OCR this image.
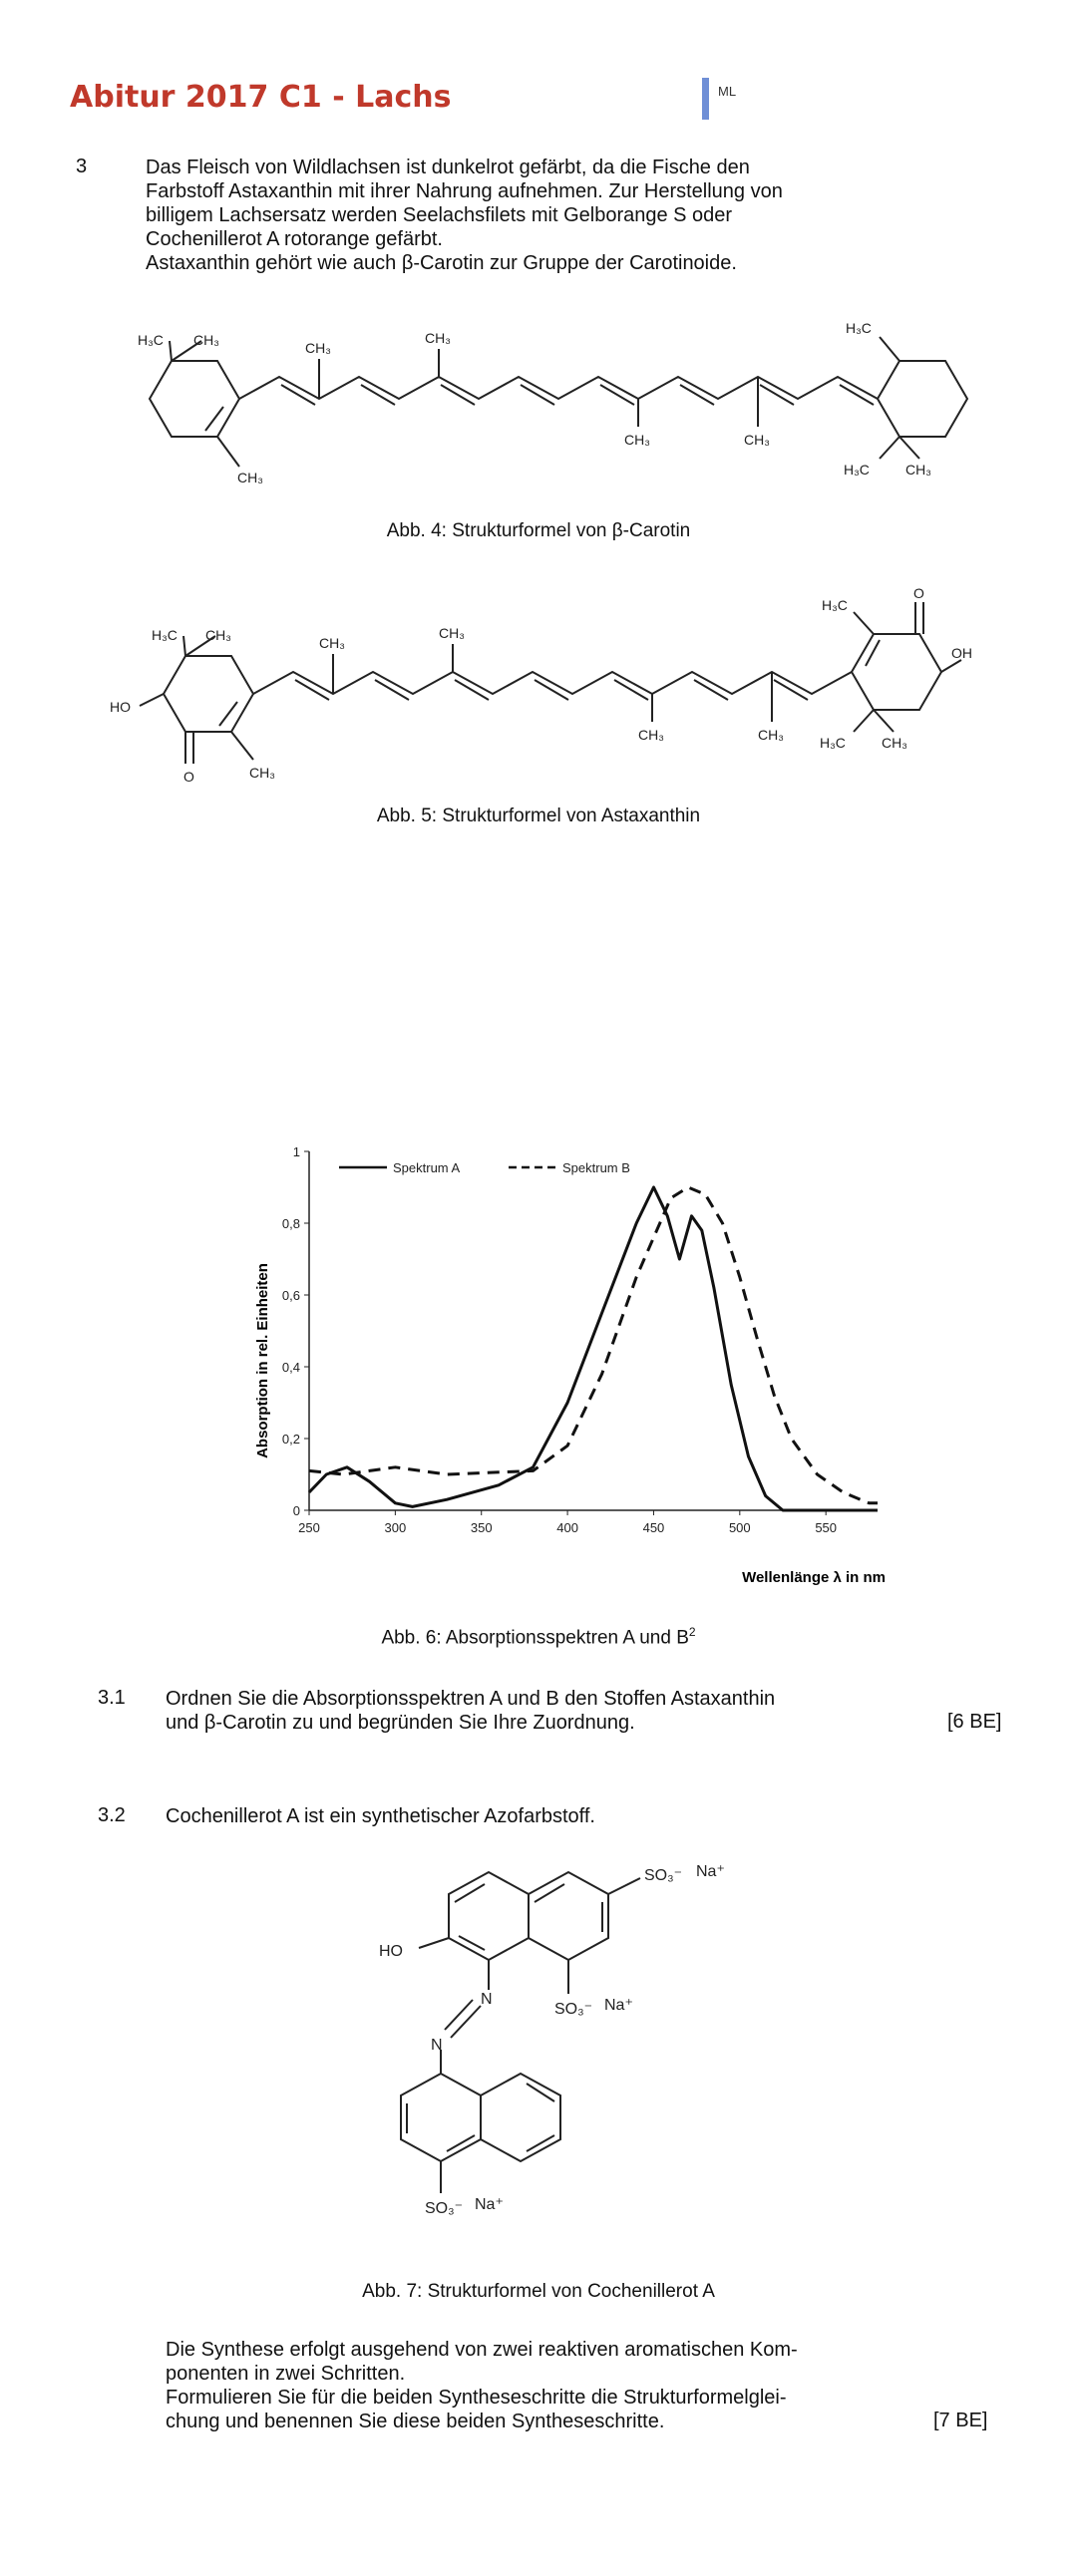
Abitur 2017 C1 - Lachs	ML
3	Das Fleisch von Wildlachsen ist dunkelrot gefärbt, da die Fische den
Farbstoff Astaxanthin mit ihrer Nahrung aufnehmen. Zur Herstellung von
billigem Lachsersatz werden Seelachsfilets mit Gelborange S oder
Cochenillerot A rotorange gefärbt.
Astaxanthin gehört wie auch β-Carotin zur Gruppe der Carotinoide.
H₃C CH₃	CH₃
CH₃
CH₃
CH₃	CH₃
H₃C
H₃C	CH₃
Abb. 4: Strukturformel von β-Carotin
H₃C CH₃
HO
O	CH₃
CH₃
CH₃
CH₃	CH₃
H₃C
O
OH
H₃C	CH₃
Abb. 5: Strukturformel von Astaxanthin
250	300	350	400	450	500	550
0
0,2
0,4
0,6
0,8
1
Spektrum A	Spektrum B
Absorption in rel. Einheiten
Wellenlänge λ in nm
Abb. 6: Absorptionsspektren A und $B^2$
3.1 Ordnen Sie die Absorptionsspektren A und B den Stoffen Astaxanthin
und β-Carotin zu und begründen Sie Ihre Zuordnung.	[6 BE]
3.2 Cochenillerot A ist ein synthetischer Azofarbstoff.
SO₃⁻ Na⁺
HO
N
N
SO₃⁻ Na⁺
SO₃⁻ Na⁺
Abb. 7: Strukturformel von Cochenillerot A
Die Synthese erfolgt ausgehend von zwei reaktiven aromatischen Kom-
ponenten in zwei Schritten.
Formulieren Sie für die beiden Syntheseschritte die Strukturformelglei-
chung und benennen Sie diese beiden Syntheseschritte.	[7 BE]
